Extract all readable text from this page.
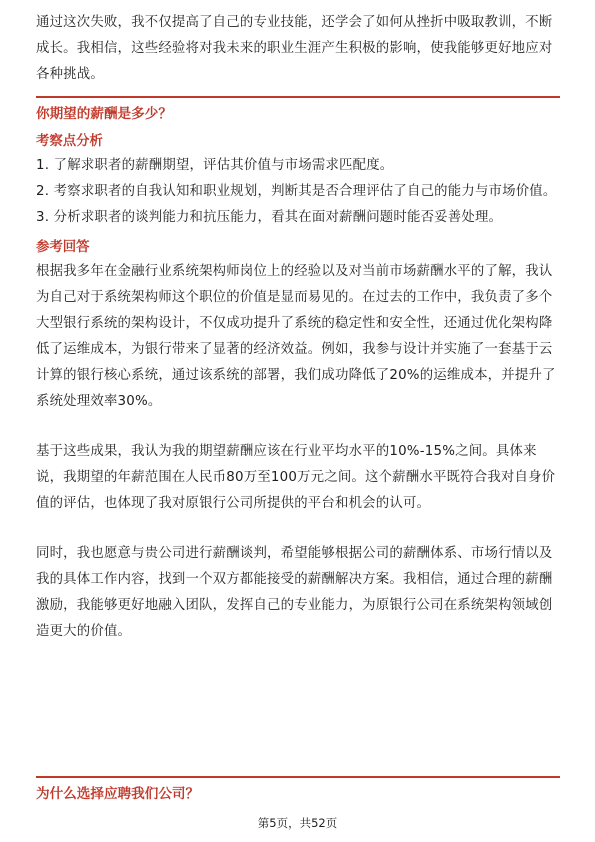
通过这次失败，我不仅提高了自己的专业技能，还学会了如何从挫折中吸取教训，不断成长。我相信，这些经验将对我未来的职业生涯产生积极的影响，使我能够更好地应对各种挑战。

你期望的薪酬是多少？

考察点分析

1. 了解求职者的薪酬期望，评估其价值与市场需求匹配度。

2. 考察求职者的自我认知和职业规划，判断其是否合理评估了自己的能力与市场价值。

3. 分析求职者的谈判能力和抗压能力，看其在面对薪酬问题时能否妥善处理。

参考回答

根据我多年在金融行业系统架构师岗位上的经验以及对当前市场薪酬水平的了解，我认为自己对于系统架构师这个职位的价值是显而易见的。在过去的工作中，我负责了多个大型银行系统的架构设计，不仅成功提升了系统的稳定性和安全性，还通过优化架构降低了运维成本，为银行带来了显著的经济效益。例如，我参与设计并实施了一套基于云计算的银行核心系统，通过该系统的部署，我们成功降低了20%的运维成本，并提升了系统处理效率30%。

基于这些成果，我认为我的期望薪酬应该在行业平均水平的10%-15%之间。具体来说，我期望的年薪范围在人民币80万至100万元之间。这个薪酬水平既符合我对自身价值的评估，也体现了我对原银行公司所提供的平台和机会的认可。

同时，我也愿意与贵公司进行薪酬谈判，希望能够根据公司的薪酬体系、市场行情以及我的具体工作内容，找到一个双方都能接受的薪酬解决方案。我相信，通过合理的薪酬激励，我能够更好地融入团队，发挥自己的专业能力，为原银行公司在系统架构领域创造更大的价值。

为什么选择应聘我们公司？

第5页，共52页
